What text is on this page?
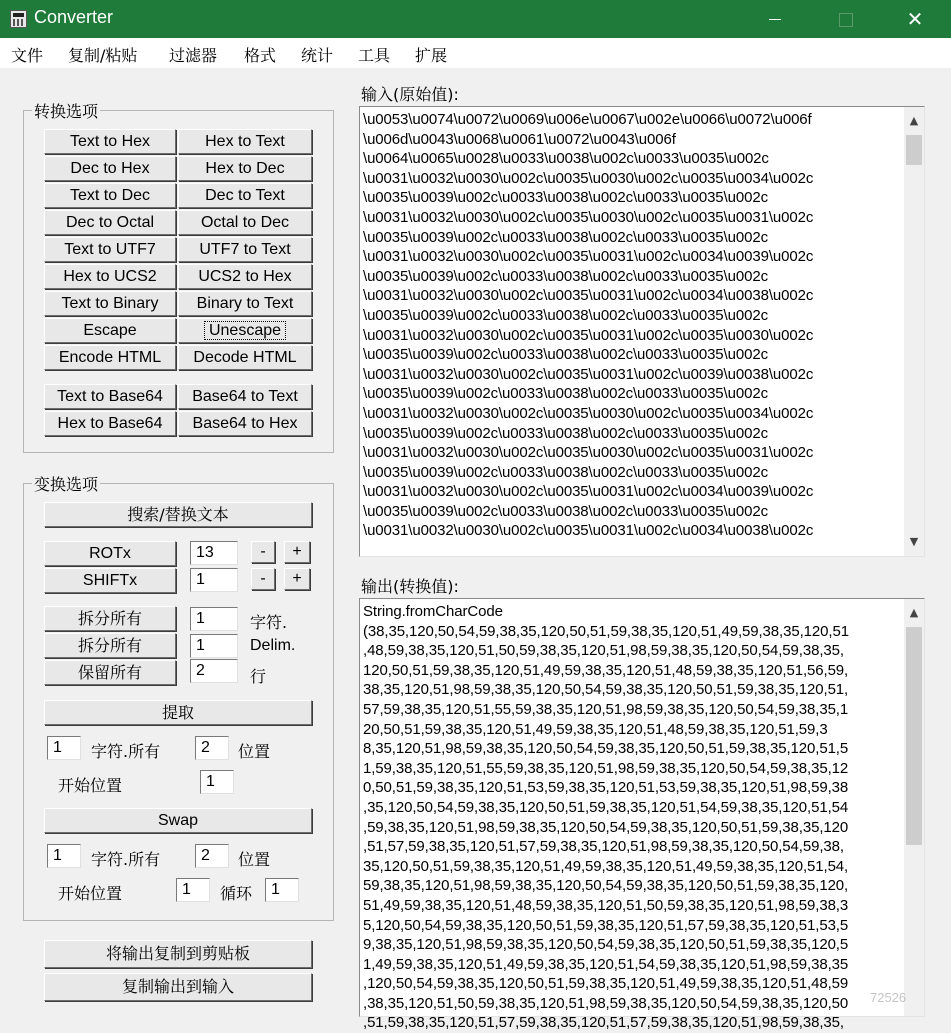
Converter	✕
文件 复制/粘贴 过滤器 格式 统计 工具 扩展
转换选项
Text to Hex	Hex to Text
Dec to Hex	Hex to Dec
Text to Dec	Dec to Text
Dec to Octal	Octal to Dec
Text to UTF7	UTF7 to Text
Hex to UCS2	UCS2 to Hex
Text to Binary	Binary to Text
Escape	Unescape
Encode HTML	Decode HTML
Text to Base64	Base64 to Text
Hex to Base64	Base64 to Hex
变换选项
搜索/替换文本
ROTx	13	-	+
SHIFTx	1	-	+
拆分所有	1	字符.
拆分所有	1	Delim.
保留所有	2	行
提取
1	字符.所有	2	位置
开始位置	1
Swap
1	字符.所有	2	位置
开始位置	1	循环	1
将输出复制到剪贴板
复制输出到输入
输入(原始值):
\u0053\u0074\u0072\u0069\u006e\u0067\u002e\u0066\u0072\u006f
\u006d\u0043\u0068\u0061\u0072\u0043\u006f
\u0064\u0065\u0028\u0033\u0038\u002c\u0033\u0035\u002c
\u0031\u0032\u0030\u002c\u0035\u0030\u002c\u0035\u0034\u002c
\u0035\u0039\u002c\u0033\u0038\u002c\u0033\u0035\u002c
\u0031\u0032\u0030\u002c\u0035\u0030\u002c\u0035\u0031\u002c
\u0035\u0039\u002c\u0033\u0038\u002c\u0033\u0035\u002c
\u0031\u0032\u0030\u002c\u0035\u0031\u002c\u0034\u0039\u002c
\u0035\u0039\u002c\u0033\u0038\u002c\u0033\u0035\u002c
\u0031\u0032\u0030\u002c\u0035\u0031\u002c\u0034\u0038\u002c
\u0035\u0039\u002c\u0033\u0038\u002c\u0033\u0035\u002c
\u0031\u0032\u0030\u002c\u0035\u0031\u002c\u0035\u0030\u002c
\u0035\u0039\u002c\u0033\u0038\u002c\u0033\u0035\u002c
\u0031\u0032\u0030\u002c\u0035\u0031\u002c\u0039\u0038\u002c
\u0035\u0039\u002c\u0033\u0038\u002c\u0033\u0035\u002c
\u0031\u0032\u0030\u002c\u0035\u0030\u002c\u0035\u0034\u002c
\u0035\u0039\u002c\u0033\u0038\u002c\u0033\u0035\u002c
\u0031\u0032\u0030\u002c\u0035\u0030\u002c\u0035\u0031\u002c
\u0035\u0039\u002c\u0033\u0038\u002c\u0033\u0035\u002c
\u0031\u0032\u0030\u002c\u0035\u0031\u002c\u0034\u0039\u002c
\u0035\u0039\u002c\u0033\u0038\u002c\u0033\u0035\u002c
\u0031\u0032\u0030\u002c\u0035\u0031\u002c\u0034\u0038\u002c
▲
▼
输出(转换值):
String.fromCharCode
(38,35,120,50,54,59,38,35,120,50,51,59,38,35,120,51,49,59,38,35,120,51
,48,59,38,35,120,51,50,59,38,35,120,51,98,59,38,35,120,50,54,59,38,35,
120,50,51,59,38,35,120,51,49,59,38,35,120,51,48,59,38,35,120,51,56,59,
38,35,120,51,98,59,38,35,120,50,54,59,38,35,120,50,51,59,38,35,120,51,
57,59,38,35,120,51,55,59,38,35,120,51,98,59,38,35,120,50,54,59,38,35,1
20,50,51,59,38,35,120,51,49,59,38,35,120,51,48,59,38,35,120,51,59,3
8,35,120,51,98,59,38,35,120,50,54,59,38,35,120,50,51,59,38,35,120,51,5
1,59,38,35,120,51,55,59,38,35,120,51,98,59,38,35,120,50,54,59,38,35,12
0,50,51,59,38,35,120,51,53,59,38,35,120,51,53,59,38,35,120,51,98,59,38
,35,120,50,54,59,38,35,120,50,51,59,38,35,120,51,54,59,38,35,120,51,54
,59,38,35,120,51,98,59,38,35,120,50,54,59,38,35,120,50,51,59,38,35,120
,51,57,59,38,35,120,51,57,59,38,35,120,51,98,59,38,35,120,50,54,59,38,
35,120,50,51,59,38,35,120,51,49,59,38,35,120,51,49,59,38,35,120,51,54,
59,38,35,120,51,98,59,38,35,120,50,54,59,38,35,120,50,51,59,38,35,120,
51,49,59,38,35,120,51,48,59,38,35,120,51,50,59,38,35,120,51,98,59,38,3
5,120,50,54,59,38,35,120,50,51,59,38,35,120,51,57,59,38,35,120,51,53,5
9,38,35,120,51,98,59,38,35,120,50,54,59,38,35,120,50,51,59,38,35,120,5
1,49,59,38,35,120,51,49,59,38,35,120,51,54,59,38,35,120,51,98,59,38,35
,120,50,54,59,38,35,120,50,51,59,38,35,120,51,49,59,38,35,120,51,48,59
,38,35,120,51,50,59,38,35,120,51,98,59,38,35,120,50,54,59,38,35,120,50
,51,59,38,35,120,51,57,59,38,35,120,51,57,59,38,35,120,51,98,59,38,35,
▲
72526
